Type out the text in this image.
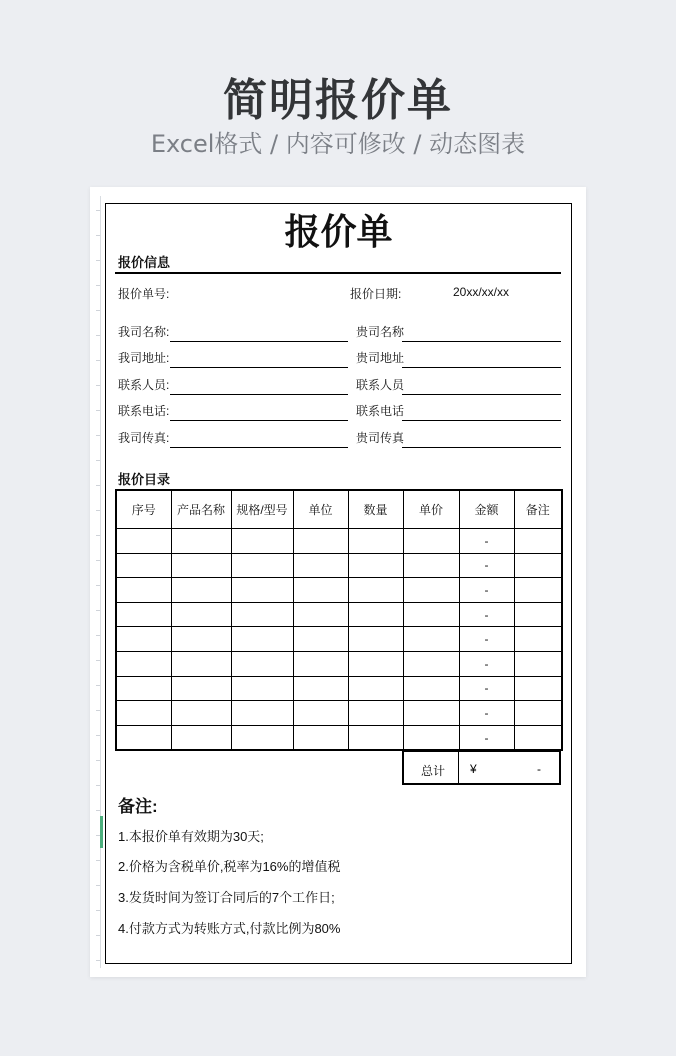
简明报价单
Excel格式 / 内容可修改 / 动态图表
报价单
报价信息
报价单号:	报价日期:	20xx/xx/xx
我司名称:	贵司名称
我司地址:	贵司地址
联系人员:	联系人员
联系电话:	联系电话
我司传真:	贵司传真
报价目录
序号	产品名称	规格/型号	单位	数量	单价	金额	备注
						-	
						-	
						-	
						-	
						-	
						-	
						-	
						-	
						-	
总计 ¥	-
备注:
1.本报价单有效期为30天;
2.价格为含税单价,税率为16%的增值税
3.发货时间为签订合同后的7个工作日;
4.付款方式为转账方式,付款比例为80%
